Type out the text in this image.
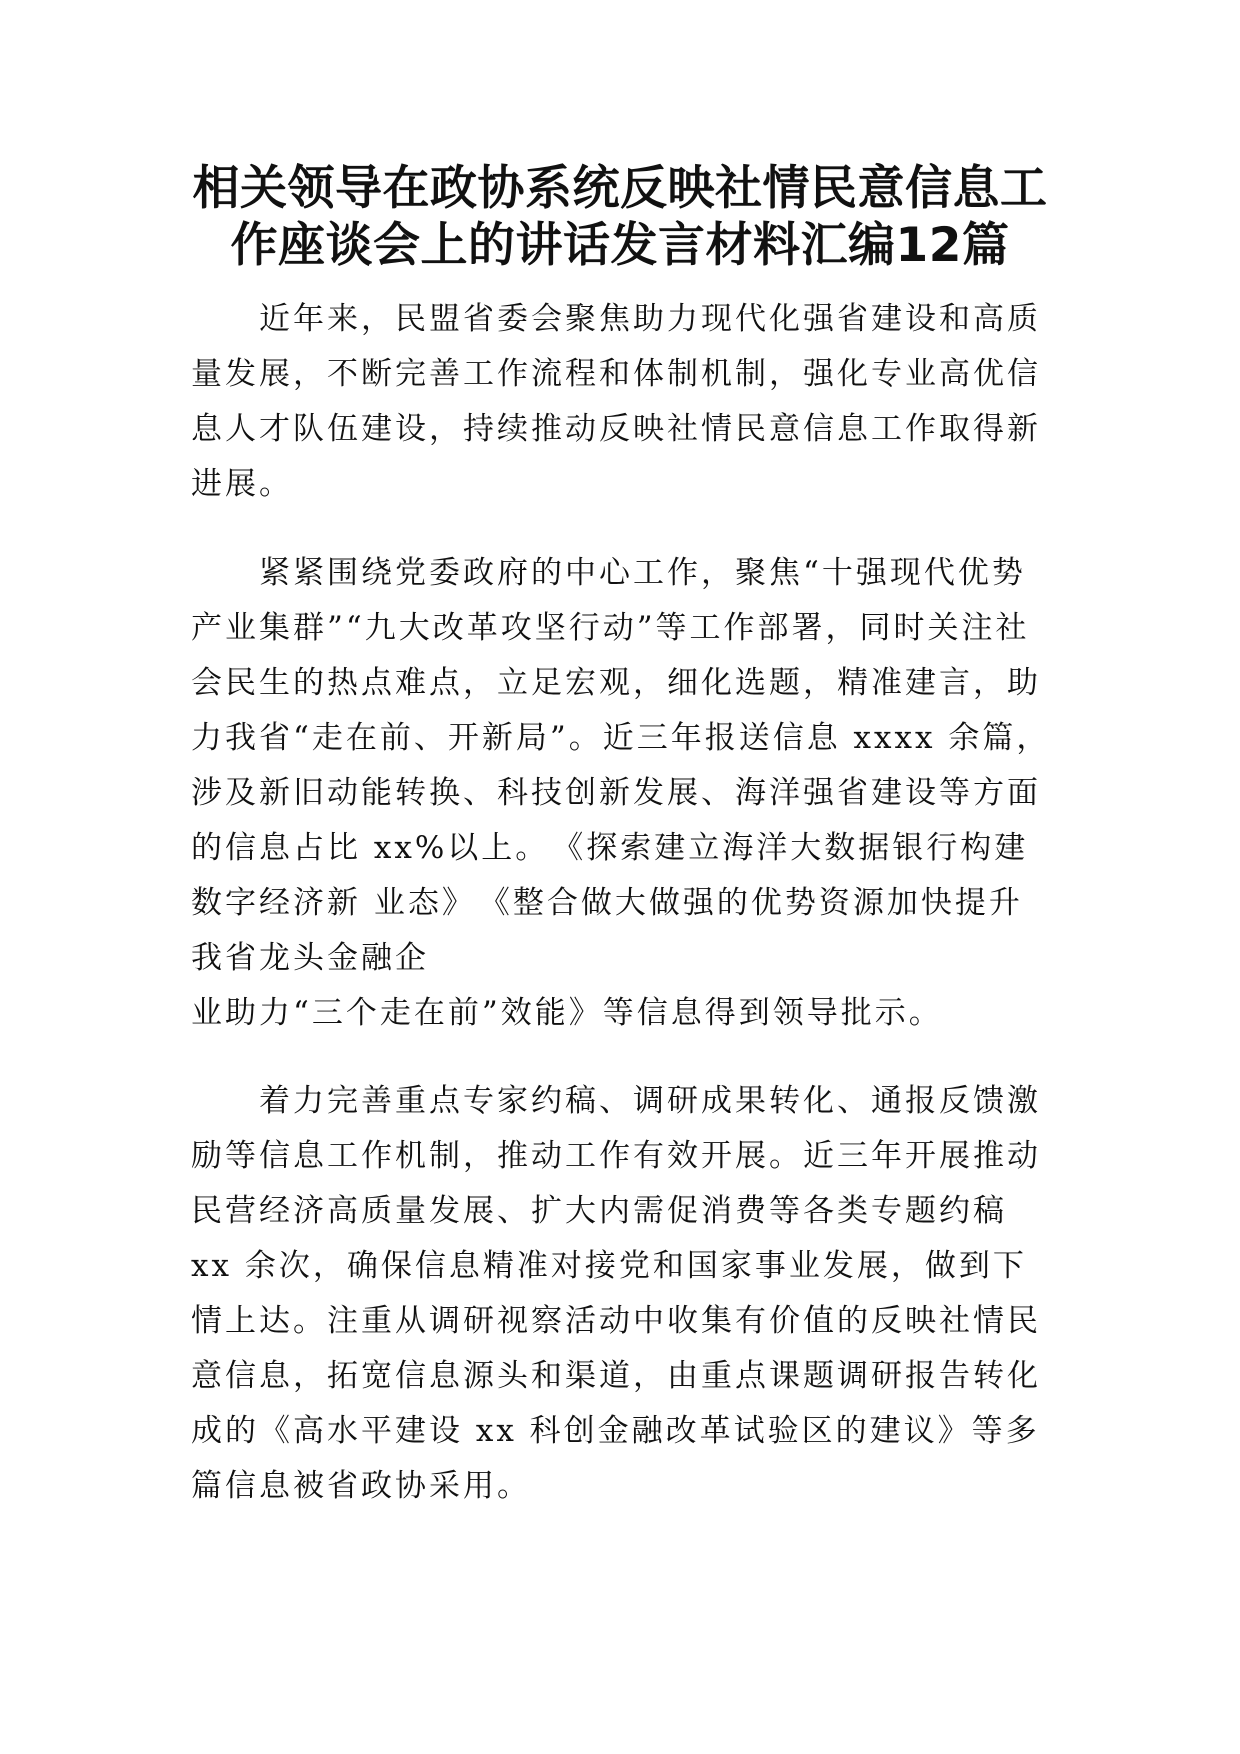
相关领导在政协系统反映社情民意信息工
作座谈会上的讲话发言材料汇编12篇

近年来，民盟省委会聚焦助力现代化强省建设和高质量发展，不断完善工作流程和体制机制，强化专业高优信息人才队伍建设，持续推动反映社情民意信息工作取得新进展。

紧紧围绕党委政府的中心工作，聚焦“十强现代优势产业集群”“九大改革攻坚行动”等工作部署，同时关注社会民生的热点难点，立足宏观，细化选题，精准建言，助力我省“走在前、开新局”。近三年报送信息 xxxx 余篇，涉及新旧动能转换、科技创新发展、海洋强省建设等方面的信息占比 xx%以上。　《探索建立海洋大数据银行构建数字经济新 业态》　《整合做大做强的优势资源加快提升我省龙头金融企
业助力“三个走在前”效能》等信息得到领导批示。

着力完善重点专家约稿、调研成果转化、通报反馈激励等信息工作机制，推动工作有效开展。近三年开展推动民营经济高质量发展、扩大内需促消费等各类专题约稿 xx 余次，确保信息精准对接党和国家事业发展，做到下情上达。注重从调研视察活动中收集有价值的反映社情民意信息，拓宽信息源头和渠道，由重点课题调研报告转化成的《高水平建设 xx 科创金融改革试验区的建议》等多篇信息被省政协采用。
